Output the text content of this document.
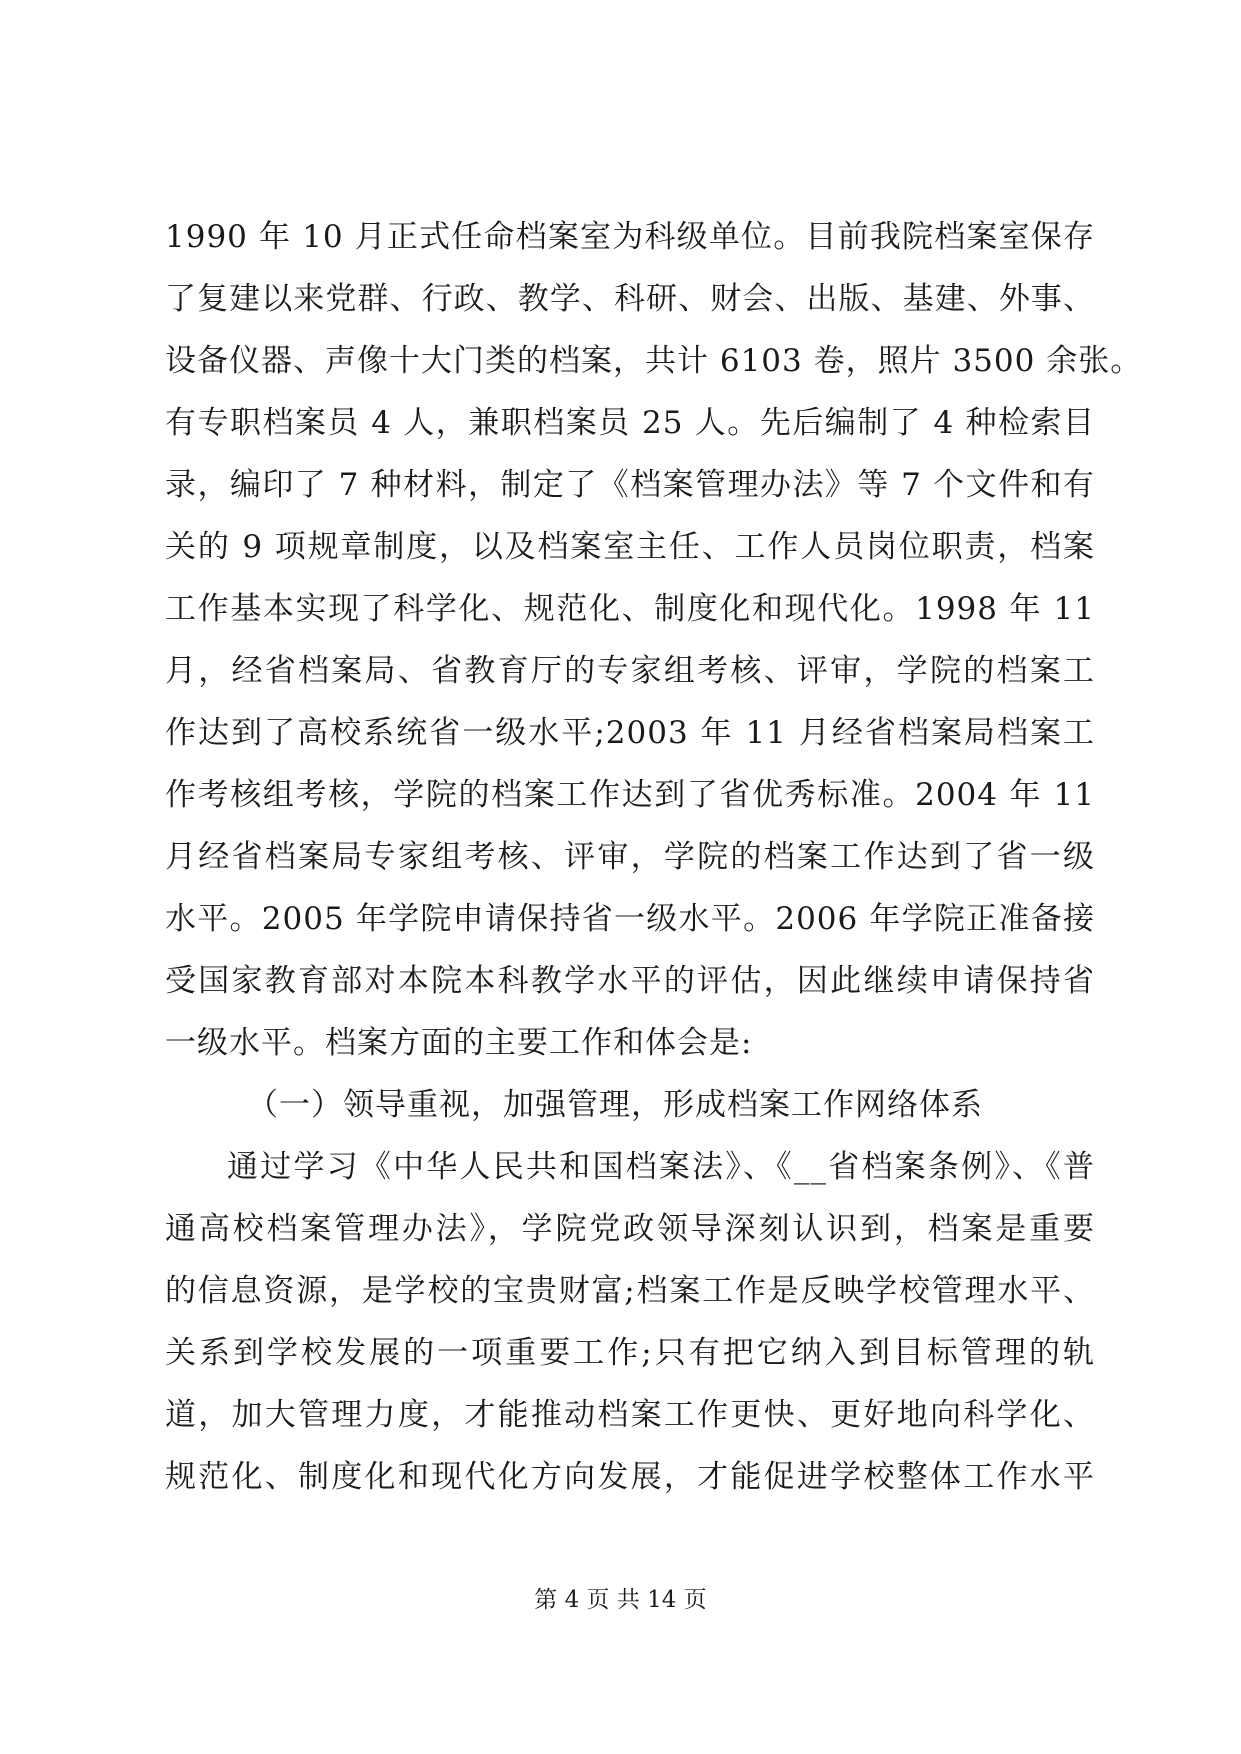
1990 年 10 月正式任命档案室为科级单位。目前我院档案室保存
了复建以来党群、行政、教学、科研、财会、出版、基建、外事、
设备仪器、声像十大门类的档案，共计 6103 卷，照片 3500 余张。
有专职档案员 4 人，兼职档案员 25 人。先后编制了 4 种检索目
录，编印了 7 种材料，制定了《档案管理办法》等 7 个文件和有
关的 9 项规章制度，以及档案室主任、工作人员岗位职责，档案
工作基本实现了科学化、规范化、制度化和现代化。1998 年 11
月，经省档案局、省教育厅的专家组考核、评审，学院的档案工
作达到了高校系统省一级水平;2003 年 11 月经省档案局档案工
作考核组考核，学院的档案工作达到了省优秀标准。2004 年 11
月经省档案局专家组考核、评审，学院的档案工作达到了省一级
水平。2005 年学院申请保持省一级水平。2006 年学院正准备接
受国家教育部对本院本科教学水平的评估，因此继续申请保持省
一级水平。档案方面的主要工作和体会是:
（一）领导重视，加强管理，形成档案工作网络体系
通过学习《中华人民共和国档案法》、《__省档案条例》、《普
通高校档案管理办法》，学院党政领导深刻认识到，档案是重要
的信息资源，是学校的宝贵财富;档案工作是反映学校管理水平、
关系到学校发展的一项重要工作;只有把它纳入到目标管理的轨
道，加大管理力度，才能推动档案工作更快、更好地向科学化、
规范化、制度化和现代化方向发展，才能促进学校整体工作水平
第 4 页 共 14 页
